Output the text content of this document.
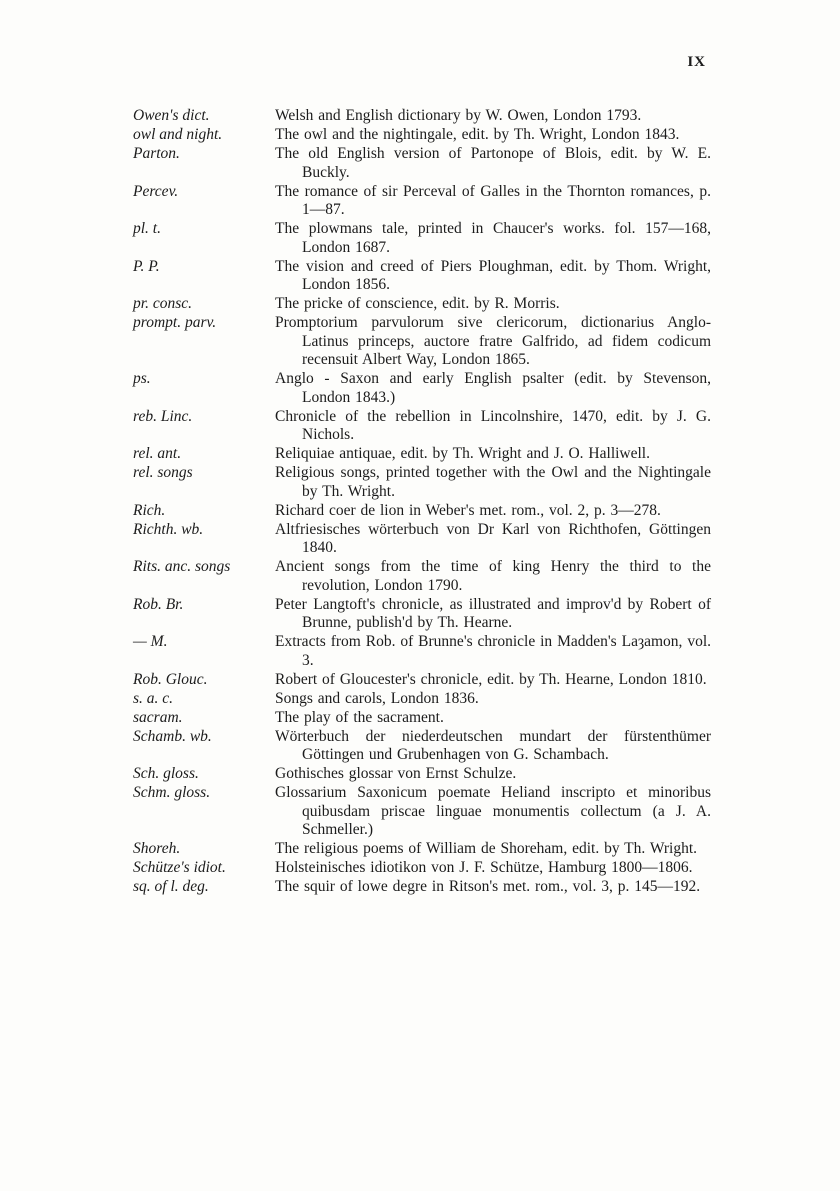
IX
Owen's dict.	Welsh and English dictionary by W. Owen, London 1793.
owl and night.	The owl and the nightingale, edit. by Th. Wright, London 1843.
Parton.	The old English version of Partonope of Blois, edit. by W. E. Buckly.
Percev.	The romance of sir Perceval of Galles in the Thornton romances, p. 1—87.
pl. t.	The plowmans tale, printed in Chaucer's works. fol. 157—168, London 1687.
P. P.	The vision and creed of Piers Ploughman, edit. by Thom. Wright, London 1856.
pr. consc.	The pricke of conscience, edit. by R. Morris.
prompt. parv.	Promptorium parvulorum sive clericorum, dictionarius Anglo-Latinus princeps, auctore fratre Galfrido, ad fidem codicum recensuit Albert Way, London 1865.
ps.	Anglo - Saxon and early English psalter (edit. by Stevenson, London 1843.)
reb. Linc.	Chronicle of the rebellion in Lincolnshire, 1470, edit. by J. G. Nichols.
rel. ant.	Reliquiae antiquae, edit. by Th. Wright and J. O. Halliwell.
rel. songs	Religious songs, printed together with the Owl and the Nightingale by Th. Wright.
Rich.	Richard coer de lion in Weber's met. rom., vol. 2, p. 3—278.
Richth. wb.	Altfriesisches wörterbuch von Dr Karl von Richthofen, Göttingen 1840.
Rits. anc. songs	Ancient songs from the time of king Henry the third to the revolution, London 1790.
Rob. Br.	Peter Langtoft's chronicle, as illustrated and improv'd by Robert of Brunne, publish'd by Th. Hearne.
— M.	Extracts from Rob. of Brunne's chronicle in Madden's Laȝamon, vol. 3.
Rob. Glouc.	Robert of Gloucester's chronicle, edit. by Th. Hearne, London 1810.
s. a. c.	Songs and carols, London 1836.
sacram.	The play of the sacrament.
Schamb. wb.	Wörterbuch der niederdeutschen mundart der fürstenthümer Göttingen und Grubenhagen von G. Schambach.
Sch. gloss.	Gothisches glossar von Ernst Schulze.
Schm. gloss.	Glossarium Saxonicum poemate Heliand inscripto et minoribus quibusdam priscae linguae monumentis collectum (a J. A. Schmeller.)
Shoreh.	The religious poems of William de Shoreham, edit. by Th. Wright.
Schütze's idiot.	Holsteinisches idiotikon von J. F. Schütze, Hamburg 1800—1806.
sq. of l. deg.	The squir of lowe degre in Ritson's met. rom., vol. 3, p. 145—192.
